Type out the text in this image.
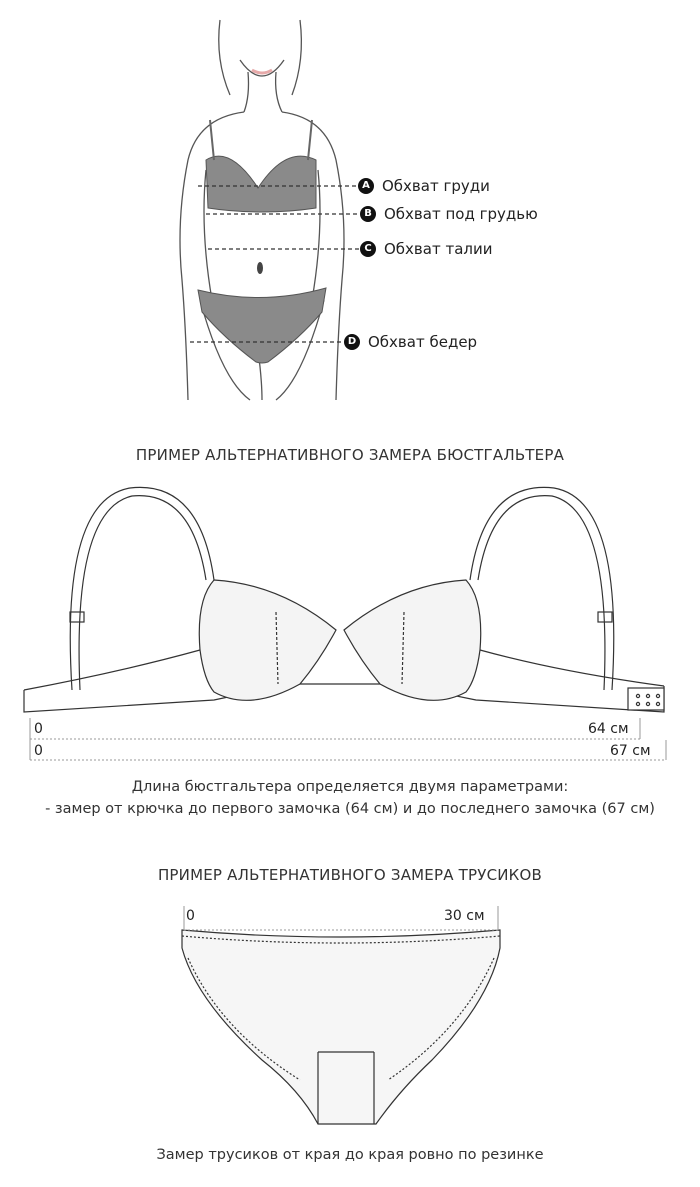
A Обхват груди
B Обхват под грудью
C Обхват талии
D Обхват бедер
ПРИМЕР АЛЬТЕРНАТИВНОГО ЗАМЕРА БЮСТГАЛЬТЕРА
0	64 см
0	67 см
Длина бюстгальтера определяется двумя параметрами:
- замер от крючка до первого замочка (64 см) и до последнего замочка (67 см)
ПРИМЕР АЛЬТЕРНАТИВНОГО ЗАМЕРА ТРУСИКОВ
0	30 см
Замер трусиков от края до края ровно по резинке
